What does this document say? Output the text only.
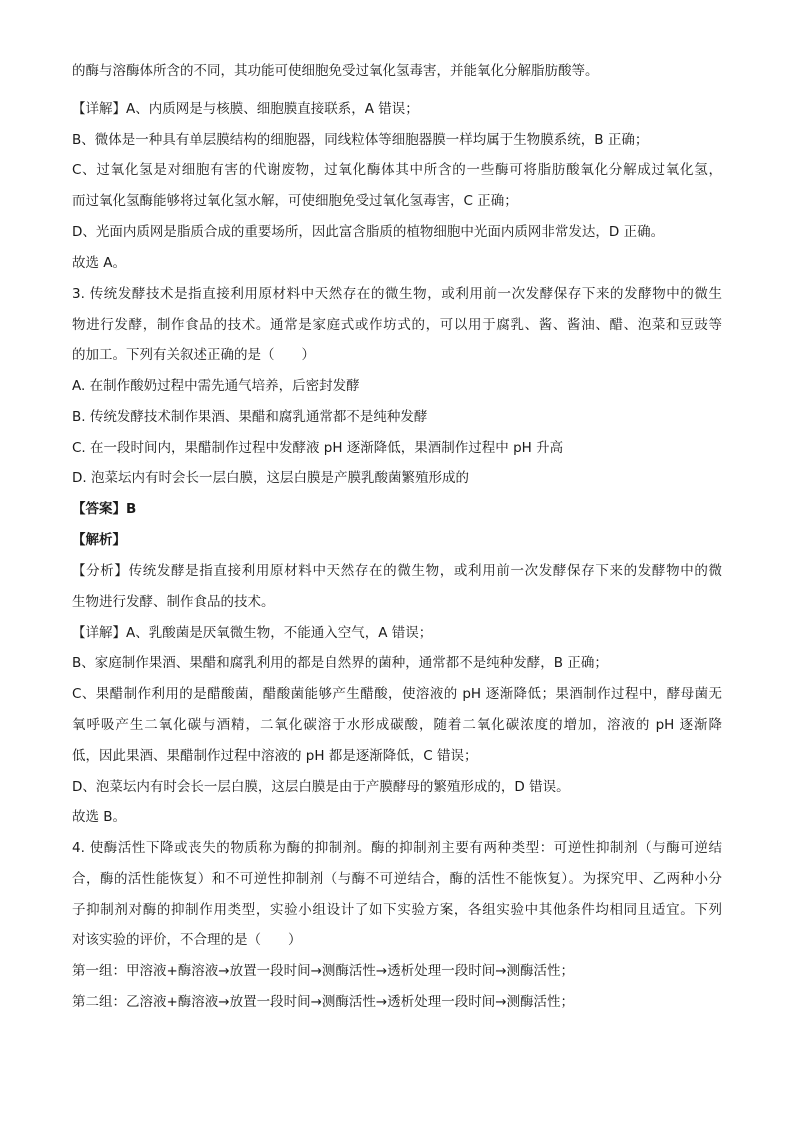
的酶与溶酶体所含的不同，其功能可使细胞免受过氧化氢毒害，并能氧化分解脂肪酸等。
【详解】A、内质网是与核膜、细胞膜直接联系，A 错误；
B、微体是一种具有单层膜结构的细胞器，同线粒体等细胞器膜一样均属于生物膜系统，B 正确；
C、过氧化氢是对细胞有害的代谢废物，过氧化酶体其中所含的一些酶可将脂肪酸氧化分解成过氧化氢，
而过氧化氢酶能够将过氧化氢水解，可使细胞免受过氧化氢毒害，C 正确；
D、光面内质网是脂质合成的重要场所，因此富含脂质的植物细胞中光面内质网非常发达，D 正确。
故选 A。
3. 传统发酵技术是指直接利用原材料中天然存在的微生物，或利用前一次发酵保存下来的发酵物中的微生
物进行发酵，制作食品的技术。通常是家庭式或作坊式的，可以用于腐乳、酱、酱油、醋、泡菜和豆豉等
的加工。下列有关叙述正确的是（　　）
A. 在制作酸奶过程中需先通气培养，后密封发酵
B. 传统发酵技术制作果酒、果醋和腐乳通常都不是纯种发酵
C. 在一段时间内，果醋制作过程中发酵液 pH 逐渐降低，果酒制作过程中 pH 升高
D. 泡菜坛内有时会长一层白膜，这层白膜是产膜乳酸菌繁殖形成的
【答案】B
【解析】
【分析】传统发酵是指直接利用原材料中天然存在的微生物，或利用前一次发酵保存下来的发酵物中的微
生物进行发酵、制作食品的技术。
【详解】A、乳酸菌是厌氧微生物，不能通入空气，A 错误；
B、家庭制作果酒、果醋和腐乳利用的都是自然界的菌种，通常都不是纯种发酵，B 正确；
C、果醋制作利用的是醋酸菌，醋酸菌能够产生醋酸，使溶液的 pH 逐渐降低；果酒制作过程中，酵母菌无
氧呼吸产生二氧化碳与酒精，二氧化碳溶于水形成碳酸，随着二氧化碳浓度的增加，溶液的 pH 逐渐降
低，因此果酒、果醋制作过程中溶液的 pH 都是逐渐降低，C 错误；
D、泡菜坛内有时会长一层白膜，这层白膜是由于产膜酵母的繁殖形成的，D 错误。
故选 B。
4. 使酶活性下降或丧失的物质称为酶的抑制剂。酶的抑制剂主要有两种类型：可逆性抑制剂（与酶可逆结
合，酶的活性能恢复）和不可逆性抑制剂（与酶不可逆结合，酶的活性不能恢复）。为探究甲、乙两种小分
子抑制剂对酶的抑制作用类型，实验小组设计了如下实验方案，各组实验中其他条件均相同且适宜。下列
对该实验的评价，不合理的是（　　）
第一组：甲溶液+酶溶液→放置一段时间→测酶活性→透析处理一段时间→测酶活性；
第二组：乙溶液+酶溶液→放置一段时间→测酶活性→透析处理一段时间→测酶活性；
